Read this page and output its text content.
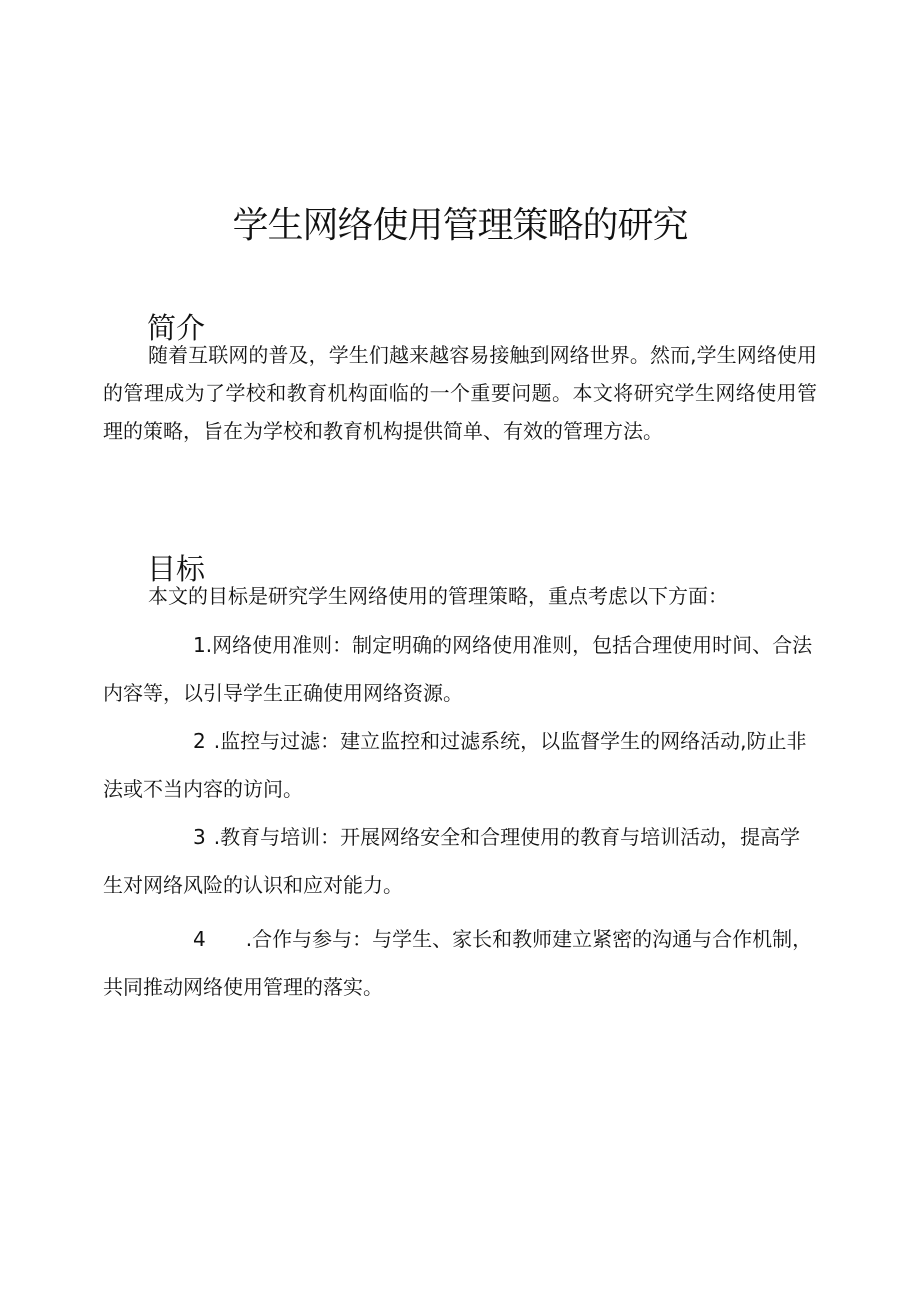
学生网络使用管理策略的研究
简介

随着互联网的普及，学生们越来越容易接触到网络世界。然而,学生网络使用的管理成为了学校和教育机构面临的一个重要问题。本文将研究学生网络使用管理的策略，旨在为学校和教育机构提供简单、有效的管理方法。

目标

本文的目标是研究学生网络使用的管理策略，重点考虑以下方面：

1.网络使用准则：制定明确的网络使用准则，包括合理使用时间、合法内容等，以引导学生正确使用网络资源。

2 .监控与过滤：建立监控和过滤系统，以监督学生的网络活动,防止非法或不当内容的访问。

3 .教育与培训：开展网络安全和合理使用的教育与培训活动，提高学生对网络风险的认识和应对能力。

4 .合作与参与：与学生、家长和教师建立紧密的沟通与合作机制，共同推动网络使用管理的落实。
